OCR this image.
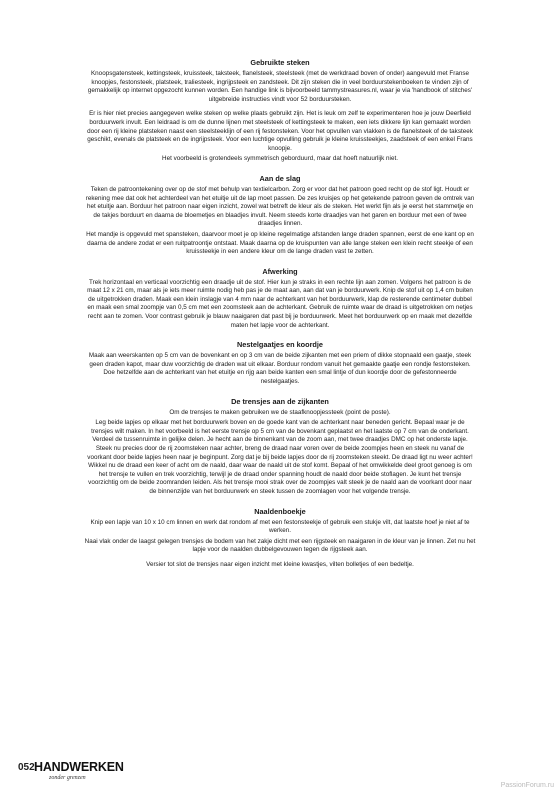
Gebruikte steken

Knoopsgatensteek, kettingsteek, kruissteek, taksteek, flanelsteek, steelsteek (met de werkdraad boven of onder) aangevuld met Franse knoopjes, festonsteek, platsteek, traliesteek, ingrijpsteek en zandsteek. Dit zijn steken die in veel borduurstekenboeken te vinden zijn of gemakkelijk op internet opgezocht kunnen worden. Een handige link is bijvoorbeeld tammystreasures.nl, waar je via 'handbook of stitches' uitgebreide instructies vindt voor 52 borduursteken.

Er is hier niet precies aangegeven welke steken op welke plaats gebruikt zijn. Het is leuk om zelf te experimenteren hoe je jouw Deerfield borduurwerk invult. Een leidraad is om de dunne lijnen met steelsteek of kettingsteek te maken, een iets dikkere lijn kan gemaakt worden door een rij kleine platsteken naast een steelsteeklijn of een rij festonsteken. Voor het opvullen van vlakken is de flanelsteek of de taksteek geschikt, evenals de platsteek en de ingrijpsteek. Voor een luchtige opvulling gebruik je kleine kruissteekjes, zaadsteek of een enkel Frans knoopje.

Het voorbeeld is grotendeels symmetrisch geborduurd, maar dat hoeft natuurlijk niet.

Aan de slag

Teken de patroontekening over op de stof met behulp van textielcarbon. Zorg er voor dat het patroon goed recht op de stof ligt. Houdt er rekening mee dat ook het achterdeel van het etuitje uit de lap moet passen. De zes kruisjes op het getekende patroon geven de omtrek van het etuitje aan. Borduur het patroon naar eigen inzicht, zowel wat betreft de kleur als de steken. Het werkt fijn als je eerst het stammetje en de takjes borduurt en daarna de bloemetjes en blaadjes invult. Neem steeds korte draadjes van het garen en borduur met een of twee draadjes linnen.

Het mandje is opgevuld met spansteken, daarvoor moet je op kleine regelmatige afstanden lange draden spannen, eerst de ene kant op en daarna de andere zodat er een ruitpatroontje ontstaat. Maak daarna op de kruispunten van alle lange steken een klein recht steekje of een kruissteekje in een andere kleur om de lange draden vast te zetten.

Afwerking

Trek horizontaal en verticaal voorzichtig een draadje uit de stof. Hier kun je straks in een rechte lijn aan zomen. Volgens het patroon is de maat 12 x 21 cm, maar als je iets meer ruimte nodig heb pas je de maat aan, aan dat van je borduurwerk. Knip de stof uit op 1,4 cm buiten de uitgetrokken draden. Maak een klein inslagje van 4 mm naar de achterkant van het borduurwerk, klap de resterende centimeter dubbel en maak een smal zoompje van 0,5 cm met een zoomsteek aan de achterkant. Gebruik de ruimte waar de draad is uitgetrokken om netjes recht aan te zomen. Voor contrast gebruik je blauw naaigaren dat past bij je borduurwerk. Meet het borduurwerk op en maak met dezelfde maten het lapje voor de achterkant.

Nestelgaatjes en koordje

Maak aan weerskanten op 5 cm van de bovenkant en op 3 cm van de beide zijkanten met een priem of dikke stopnaald een gaatje, steek geen draden kapot, maar duw voorzichtig de draden wat uit elkaar. Borduur rondom vanuit het gemaakte gaatje een rondje festonsteken. Doe hetzelfde aan de achterkant van het etuitje en rijg aan beide kanten een smal lintje of dun koordje door de gefestonneerde nestelgaatjes.

De trensjes aan de zijkanten

Om de trensjes te maken gebruiken we de staafknoopjessteek (point de poste).

Leg beide lapjes op elkaar met het borduurwerk boven en de goede kant van de achterkant naar beneden gericht. Bepaal waar je de trensjes wilt maken. In het voorbeeld is het eerste trensje op 5 cm van de bovenkant geplaatst en het laatste op 7 cm van de onderkant. Verdeel de tussenruimte in gelijke delen. Je hecht aan de binnenkant van de zoom aan, met twee draadjes DMC op het onderste lapje. Steek nu precies door de rij zoomsteken naar achter, breng de draad naar voren over de beide zoompjes heen en steek nu vanaf de voorkant door beide lapjes heen naar je beginpunt. Zorg dat je bij beide lapjes door de rij zoomsteken steekt. De draad ligt nu weer achter! Wikkel nu de draad een keer of acht om de naald, daar waar de naald uit de stof komt. Bepaal of het omwikkelde deel groot genoeg is om het trensje te vullen en trek voorzichtig, terwijl je de draad onder spanning houdt de naald door beide stoflagen. Je kunt het trensje voorzichtig om de beide zoomranden leiden. Als het trensje mooi strak over de zoompjes valt steek je de naald aan de voorkant door naar de binnenzijde van het borduurwerk en steek tussen de zoomlagen voor het volgende trensje.

Naaldenboekje

Knip een lapje van 10 x 10 cm linnen en werk dat rondom af met een festonsteekje of gebruik een stukje vilt, dat laatste hoef je niet af te werken.

Naai vlak onder de laagst gelegen trensjes de bodem van het zakje dicht met een rijgsteek en naaigaren in de kleur van je linnen. Zet nu het lapje voor de naalden dubbelgevouwen tegen de rijgsteek aan.

Versier tot slot de trensjes naar eigen inzicht met kleine kwastjes, vilten bolletjes of een bedeltje.

052 HANDWERKEN
zonder grenzen
PassionForum.ru
